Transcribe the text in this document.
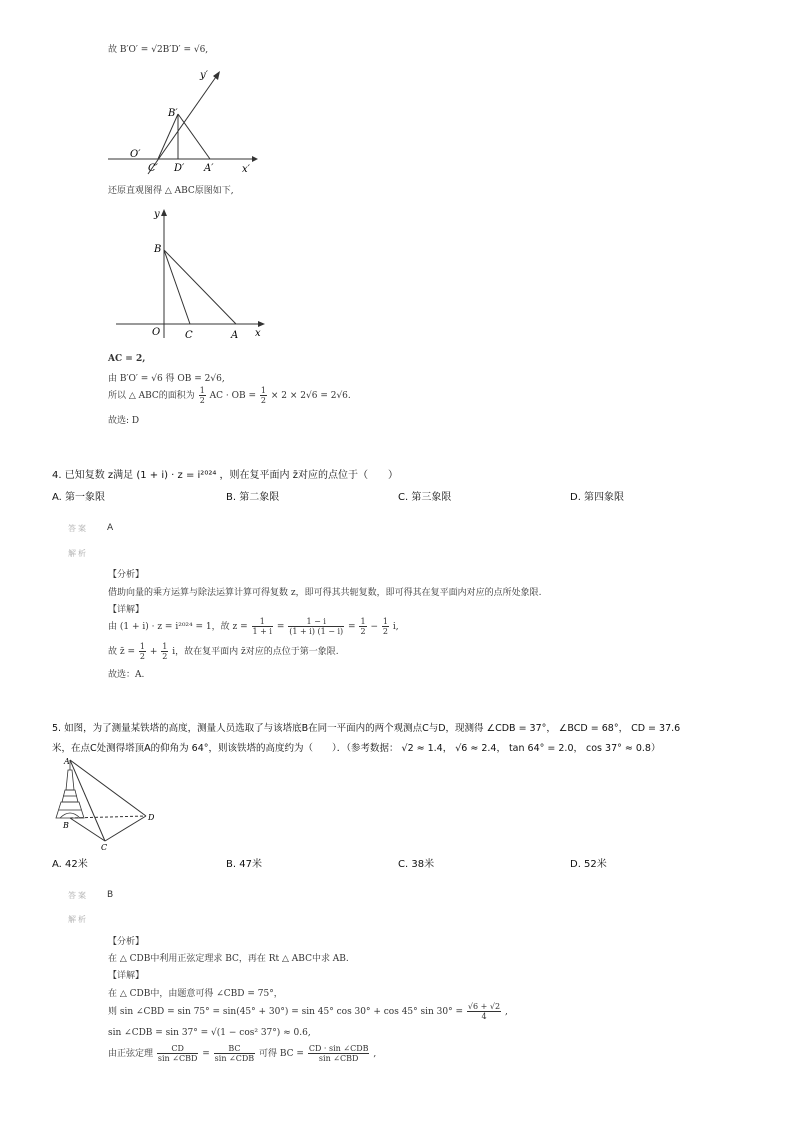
故 B′O′ = √2B′D′ = √6,
y′
x′
O′
B′
C′ D′ A′
还原直观图得 △ ABC原图如下,
y
x
O
B
C	A
AC = 2,
由 B′O′ = √6 得 OB = 2√6,
所以 △ ABC的面积为 $\frac{1}{2}$ AC · OB = $\frac{1}{2} \times 2 \times 2√6 = 2√6$.
故选: D
4. 已知复数 z满足 (1 + i) · z = i²⁰²⁴ ，则在复平面内 z̄对应的点位于（　　）
A. 第一象限	B. 第二象限	C. 第三象限	D. 第四象限
答案 A
解析
【分析】
借助向量的乘方运算与除法运算计算可得复数 z，即可得其共轭复数，即可得其在复平面内对应的点所处象限.
【详解】
由 (1 + i) · z = i²⁰²⁴ = 1，故 $z = \frac{1}{1 + i} = \frac{1 - i}{(1 + i) (1 - i)} = \frac{1}{2} - \frac{1}{2} i$,
故 z̄ = $\frac{1}{2} + \frac{1}{2}$ i，故在复平面内 z̄对应的点位于第一象限.
故选：A.
5. 如图，为了测量某铁塔的高度，测量人员选取了与该塔底B在同一平面内的两个观测点C与D，现测得 ∠CDB = 37°， ∠BCD = 68°， CD = 37.6
米，在点C处测得塔顶A的仰角为 64°，则该铁塔的高度约为（　　）．（参考数据： √2 ≈ 1.4， √6 ≈ 2.4， tan 64° = 2.0， cos 37° ≈ 0.8）
A
B
C
D
A. 42米	B. 47米	C. 38米	D. 52米
答案 B
解析
【分析】
在 △ CDB中利用正弦定理求 BC，再在 Rt △ ABC中求 AB.
【详解】
在 △ CDB中，由题意可得 ∠CBD = 75°，
则 sin ∠CBD = sin 75° = sin(45° + 30°) = sin 45° cos 30° + cos 45° $\sin 30^\circ = \frac{√6 + √2}{4}$ ,
sin ∠CDB = sin 37° = √(1 − cos² 37°) ≈ 0.6,
由正弦定理 $\frac{CD}{\text{sin ∠CBD}} = \frac{BC}{\text{sin ∠CDB}}$ 可得 BC = $\frac{\text{CD · sin ∠CDB}}{\text{sin ∠CBD}}$ ,
